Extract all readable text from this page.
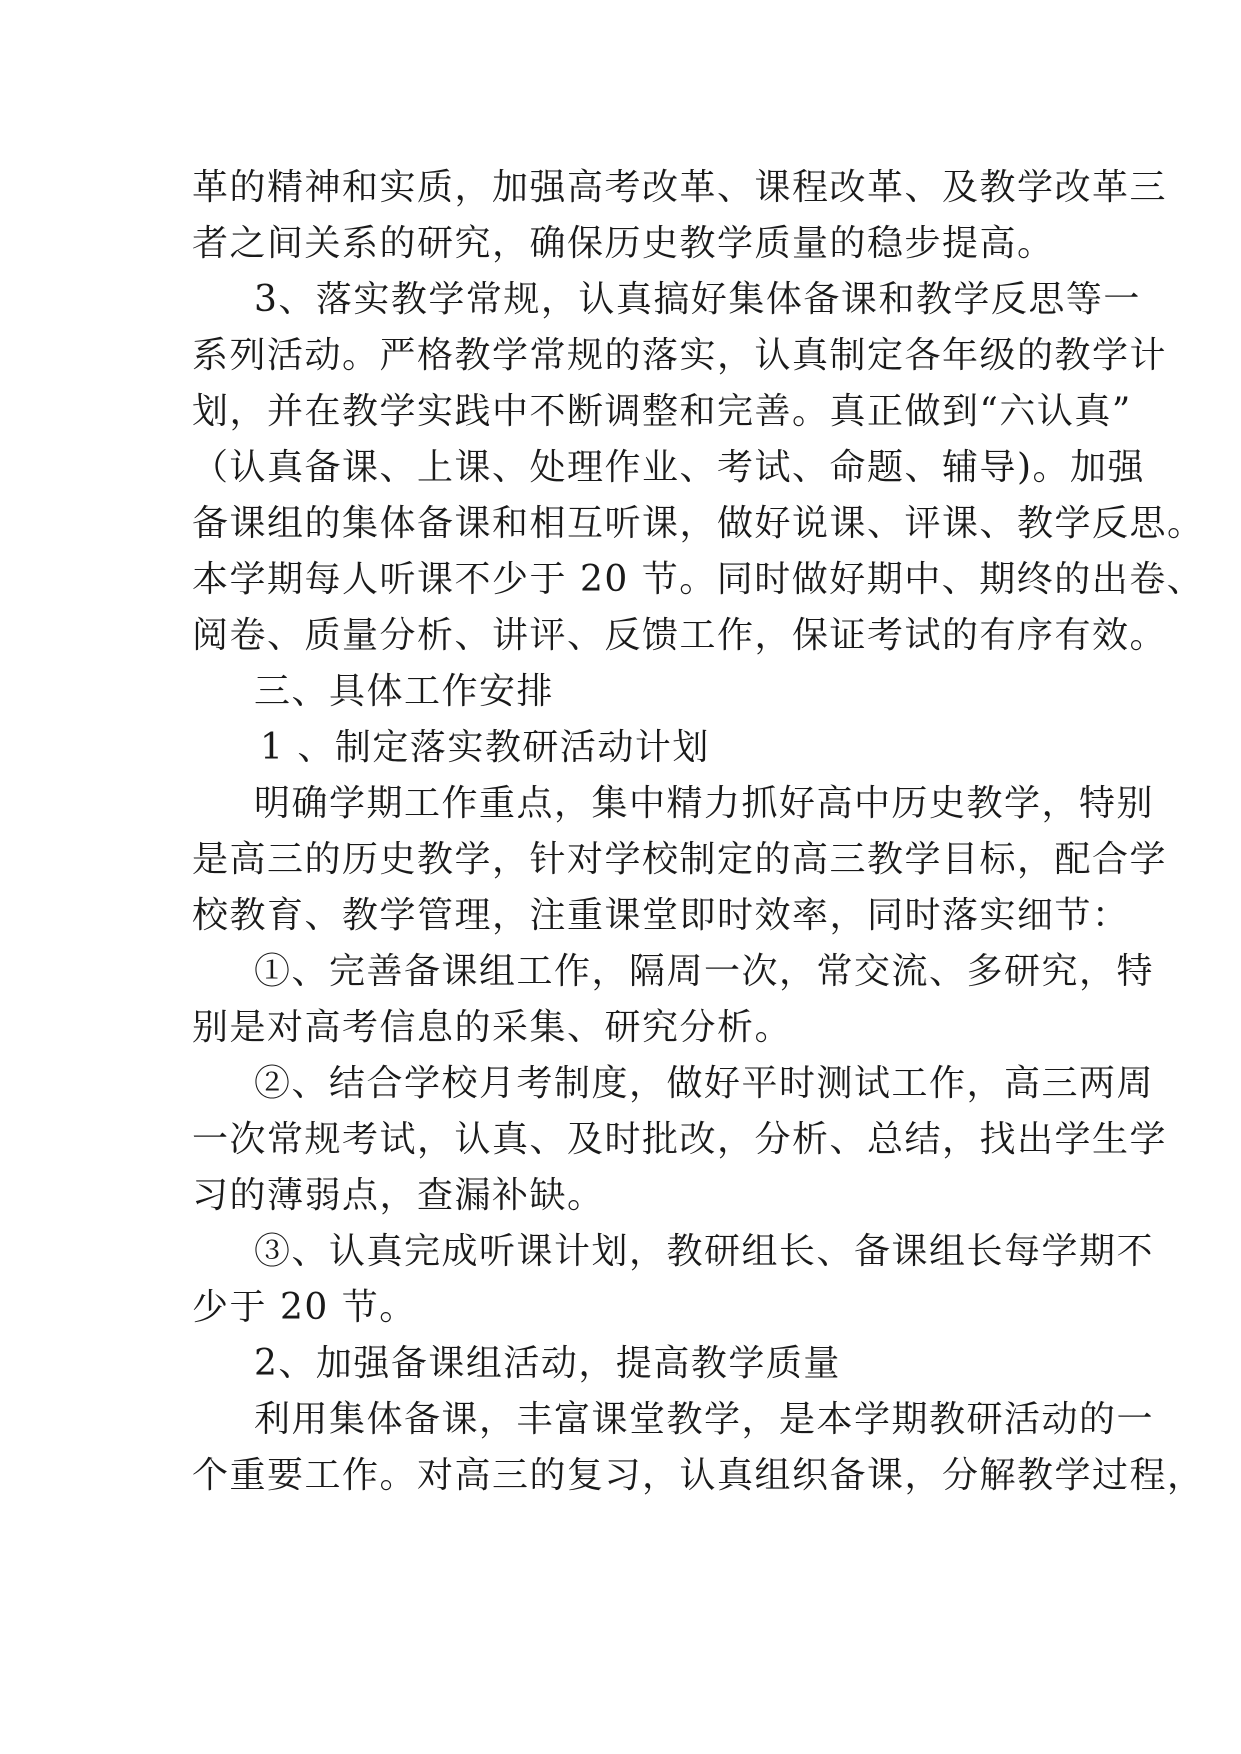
革的精神和实质，加强高考改革、课程改革、及教学改革三
者之间关系的研究，确保历史教学质量的稳步提高。
3、落实教学常规，认真搞好集体备课和教学反思等一
系列活动。严格教学常规的落实，认真制定各年级的教学计
划，并在教学实践中不断调整和完善。真正做到“六认真”
（认真备课、上课、处理作业、考试、命题、辅导)。加强
备课组的集体备课和相互听课，做好说课、评课、教学反思。
本学期每人听课不少于 20 节。同时做好期中、期终的出卷、
阅卷、质量分析、讲评、反馈工作，保证考试的有序有效。
三、具体工作安排
1 、制定落实教研活动计划
明确学期工作重点，集中精力抓好高中历史教学，特别
是高三的历史教学，针对学校制定的高三教学目标，配合学
校教育、教学管理，注重课堂即时效率，同时落实细节：
①、完善备课组工作，隔周一次，常交流、多研究，特
别是对高考信息的采集、研究分析。
②、结合学校月考制度，做好平时测试工作，高三两周
一次常规考试，认真、及时批改，分析、总结，找出学生学
习的薄弱点，查漏补缺。
③、认真完成听课计划，教研组长、备课组长每学期不
少于 20 节。
2、加强备课组活动，提高教学质量
利用集体备课，丰富课堂教学，是本学期教研活动的一
个重要工作。对高三的复习，认真组织备课，分解教学过程，
